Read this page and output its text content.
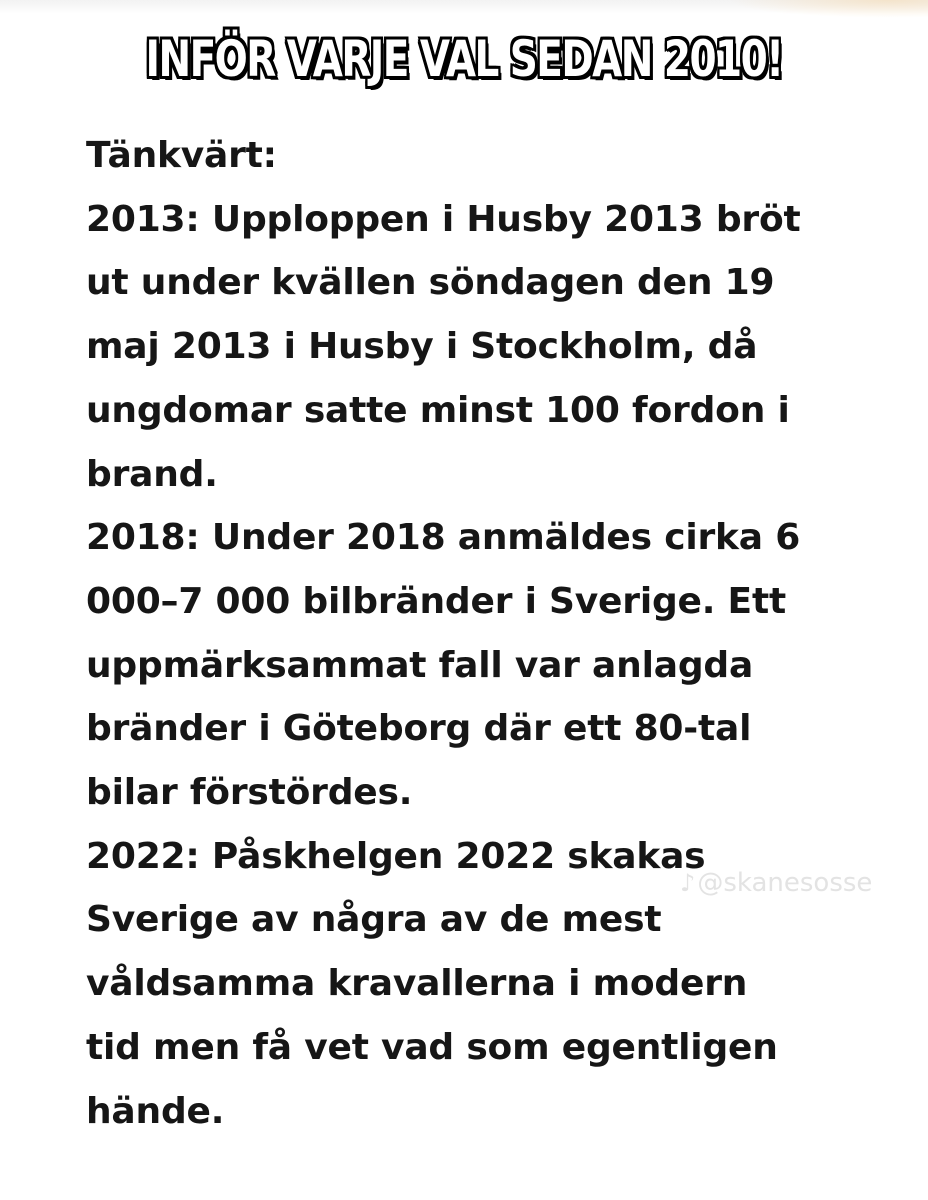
INFÖR VARJE VAL SEDAN 2010!
Tänkvärt:
2013: Upploppen i Husby 2013 bröt
ut under kvällen söndagen den 19
maj 2013 i Husby i Stockholm, då
ungdomar satte minst 100 fordon i
brand.
2018: Under 2018 anmäldes cirka 6
000–7 000 bilbränder i Sverige. Ett
uppmärksammat fall var anlagda
bränder i Göteborg där ett 80-tal
bilar förstördes.
2022: Påskhelgen 2022 skakas
Sverige av några av de mest
våldsamma kravallerna i modern
tid men få vet vad som egentligen
hände.
♪@skanesosse
